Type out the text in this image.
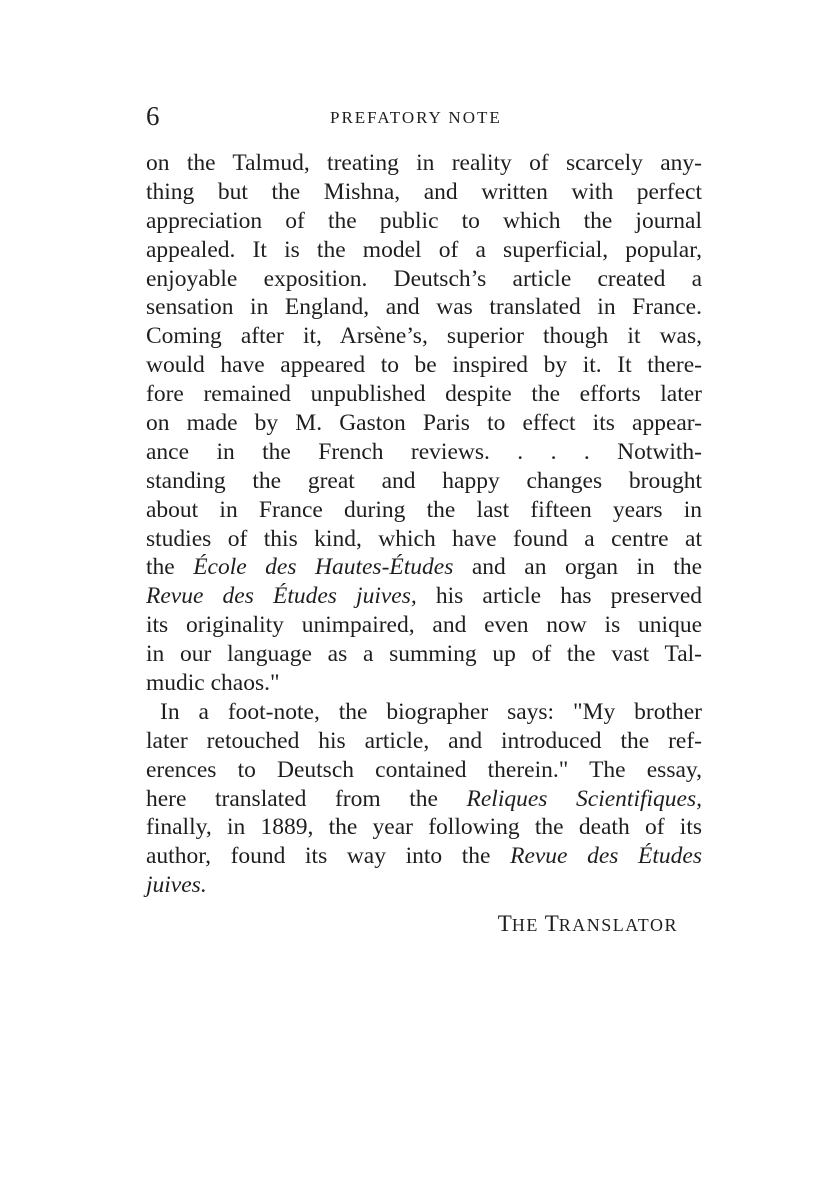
6	PREFATORY NOTE
on the Talmud, treating in reality of scarcely any-
thing but the Mishna, and written with perfect
appreciation of the public to which the journal
appealed. It is the model of a superficial, popular,
enjoyable exposition. Deutsch’s article created a
sensation in England, and was translated in France.
Coming after it, Arsène’s, superior though it was,
would have appeared to be inspired by it. It there-
fore remained unpublished despite the efforts later
on made by M. Gaston Paris to effect its appear-
ance in the French reviews. . . . Notwith-
standing the great and happy changes brought
about in France during the last fifteen years in
studies of this kind, which have found a centre at
the École des Hautes-Études and an organ in the
Revue des Études juives, his article has preserved
its originality unimpaired, and even now is unique
in our language as a summing up of the vast Tal-
mudic chaos."
In a foot-note, the biographer says: "My brother
later retouched his article, and introduced the ref-
erences to Deutsch contained therein." The essay,
here translated from the Reliques Scientifiques,
finally, in 1889, the year following the death of its
author, found its way into the Revue des Études
juives.
THE TRANSLATOR
